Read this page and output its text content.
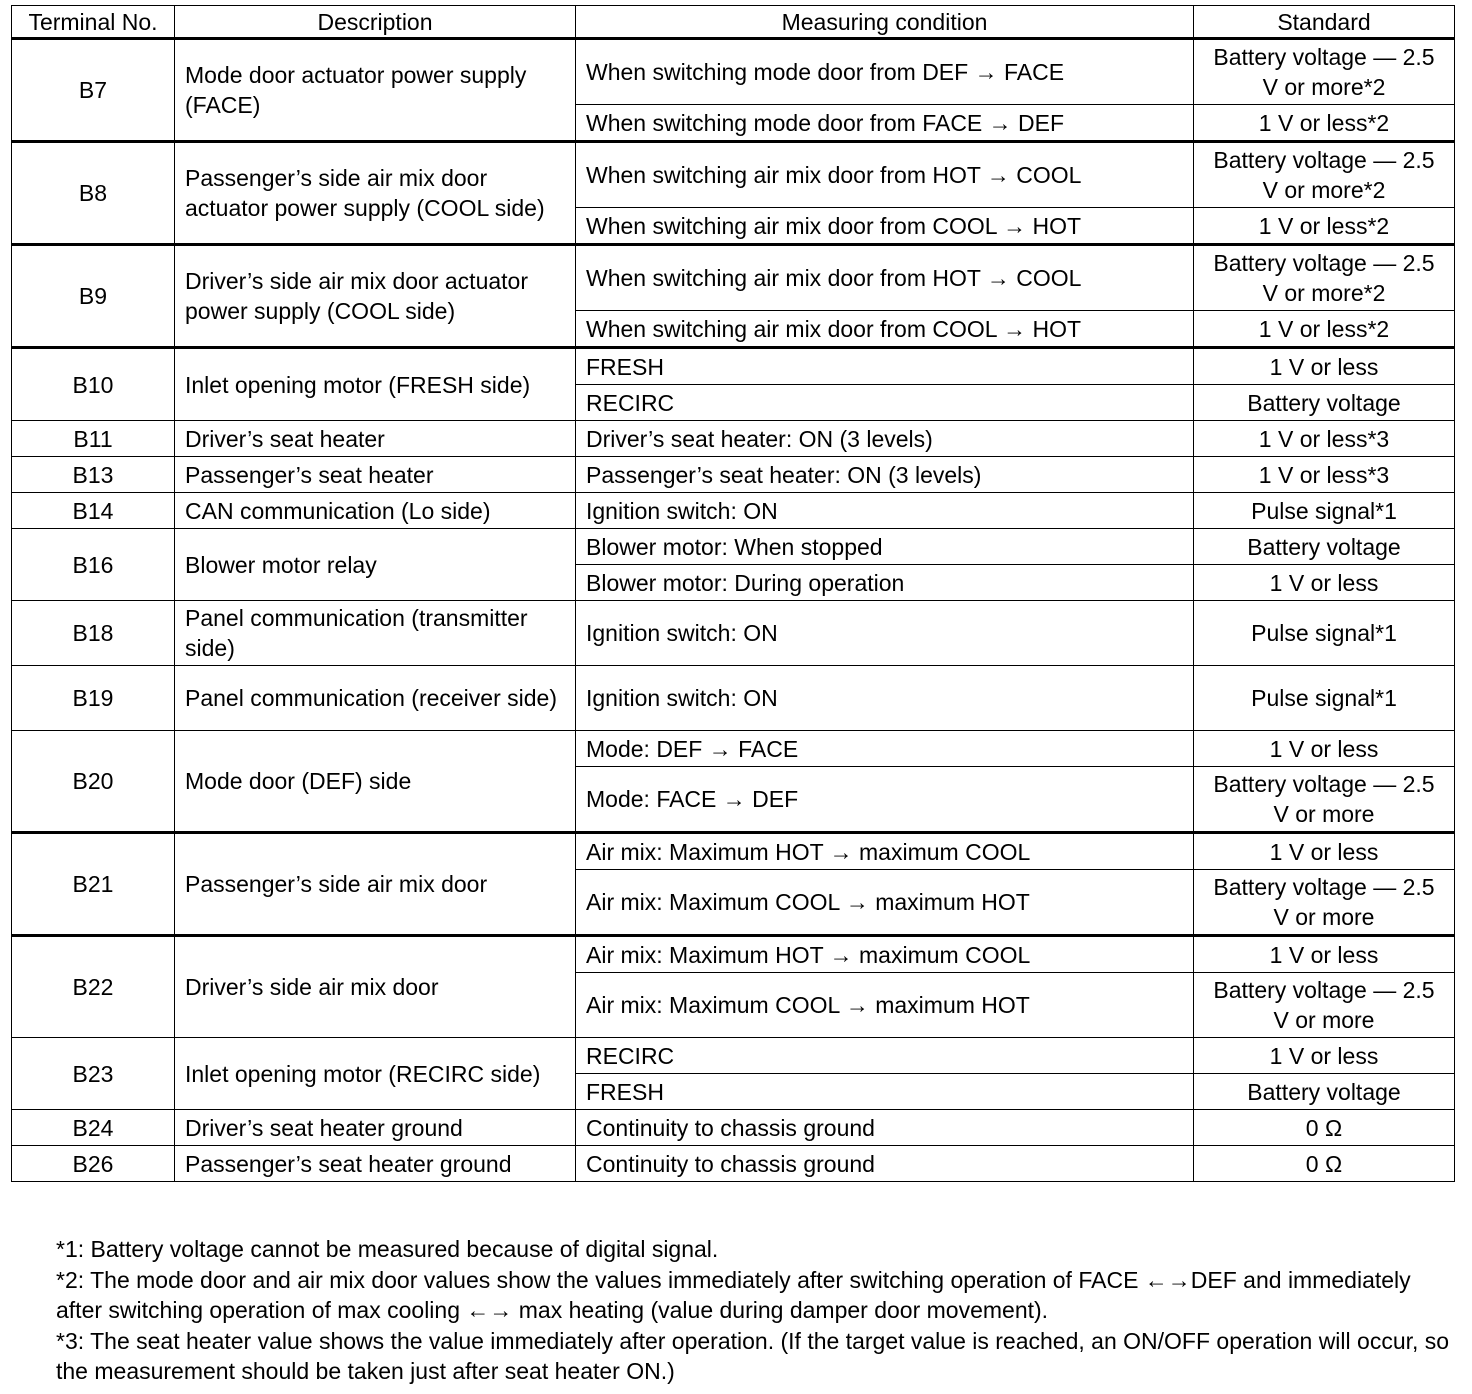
Terminal No.	Description	Measuring condition	Standard
B7	Mode door actuator power supply (FACE)	When switching mode door from DEF → FACE	Battery voltage — 2.5 V or more*2
		When switching mode door from FACE → DEF	1 V or less*2
B8	Passenger’s side air mix door actuator power supply (COOL side)	When switching air mix door from HOT → COOL	Battery voltage — 2.5 V or more*2
		When switching air mix door from COOL → HOT	1 V or less*2
B9	Driver’s side air mix door actuator power supply (COOL side)	When switching air mix door from HOT → COOL	Battery voltage — 2.5 V or more*2
		When switching air mix door from COOL → HOT	1 V or less*2
B10	Inlet opening motor (FRESH side)	FRESH	1 V or less
		RECIRC	Battery voltage
B11	Driver’s seat heater	Driver’s seat heater: ON (3 levels)	1 V or less*3
B13	Passenger’s seat heater	Passenger’s seat heater: ON (3 levels)	1 V or less*3
B14	CAN communication (Lo side)	Ignition switch: ON	Pulse signal*1
B16	Blower motor relay	Blower motor: When stopped	Battery voltage
		Blower motor: During operation	1 V or less
B18	Panel communication (transmitter side)	Ignition switch: ON	Pulse signal*1
B19	Panel communication (receiver side)	Ignition switch: ON	Pulse signal*1
B20	Mode door (DEF) side	Mode: DEF → FACE	1 V or less
		Mode: FACE → DEF	Battery voltage — 2.5 V or more
B21	Passenger’s side air mix door	Air mix: Maximum HOT → maximum COOL	1 V or less
		Air mix: Maximum COOL → maximum HOT	Battery voltage — 2.5 V or more
B22	Driver’s side air mix door	Air mix: Maximum HOT → maximum COOL	1 V or less
		Air mix: Maximum COOL → maximum HOT	Battery voltage — 2.5 V or more
B23	Inlet opening motor (RECIRC side)	RECIRC	1 V or less
		FRESH	Battery voltage
B24	Driver’s seat heater ground	Continuity to chassis ground	0 Ω
B26	Passenger’s seat heater ground	Continuity to chassis ground	0 Ω

*1: Battery voltage cannot be measured because of digital signal.

*2: The mode door and air mix door values show the values immediately after switching operation of FACE ←→DEF and immediately after switching operation of max cooling ←→ max heating (value during damper door movement).

*3: The seat heater value shows the value immediately after operation. (If the target value is reached, an ON/OFF operation will occur, so the measurement should be taken just after seat heater ON.)
